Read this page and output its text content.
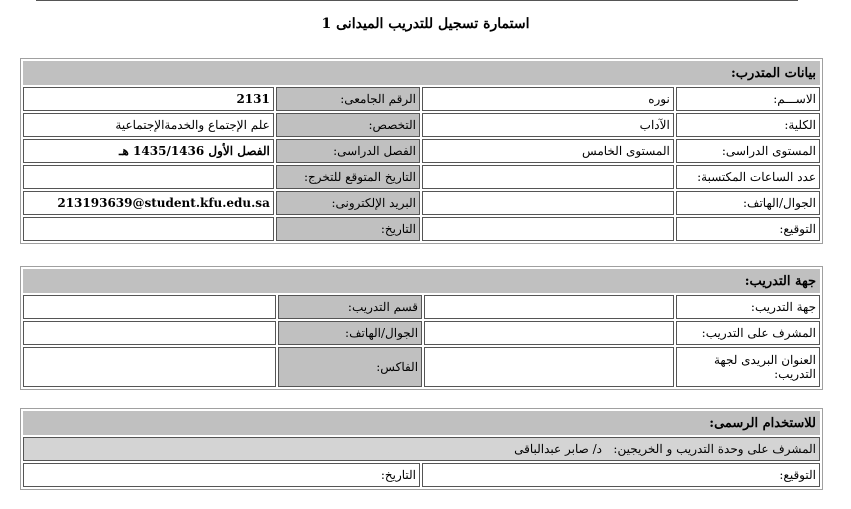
استمارة تسجيل للتدريب الميدانى 1
بيانات المتدرب:			
الاســـم:	نوره	الرقم الجامعى:	2131
الكلية:	الآداب	التخصص:	علم الإجتماع والخدمةالإجتماعية
المستوى الدراسى:	المستوى الخامس	الفصل الدراسى:	الفصل الأول 1435/1436 هـ
عدد الساعات المكتسبة:		التاريخ المتوقع للتخرج:	
الجوال/الهاتف:		البريد الإلكترونى:	213193639@student.kfu.edu.sa
التوقيع:		التاريخ:	
جهة التدريب:			
جهة التدريب:		قسم التدريب:	
المشرف على التدريب:		الجوال/الهاتف:	
العنوان البريدى لجهة التدريب:		الفاكس:	
للاستخدام الرسمى:
المشرف على وحدة التدريب و الخريجين:   د/ صابر عبدالباقى
التوقيع:	التاريخ:
